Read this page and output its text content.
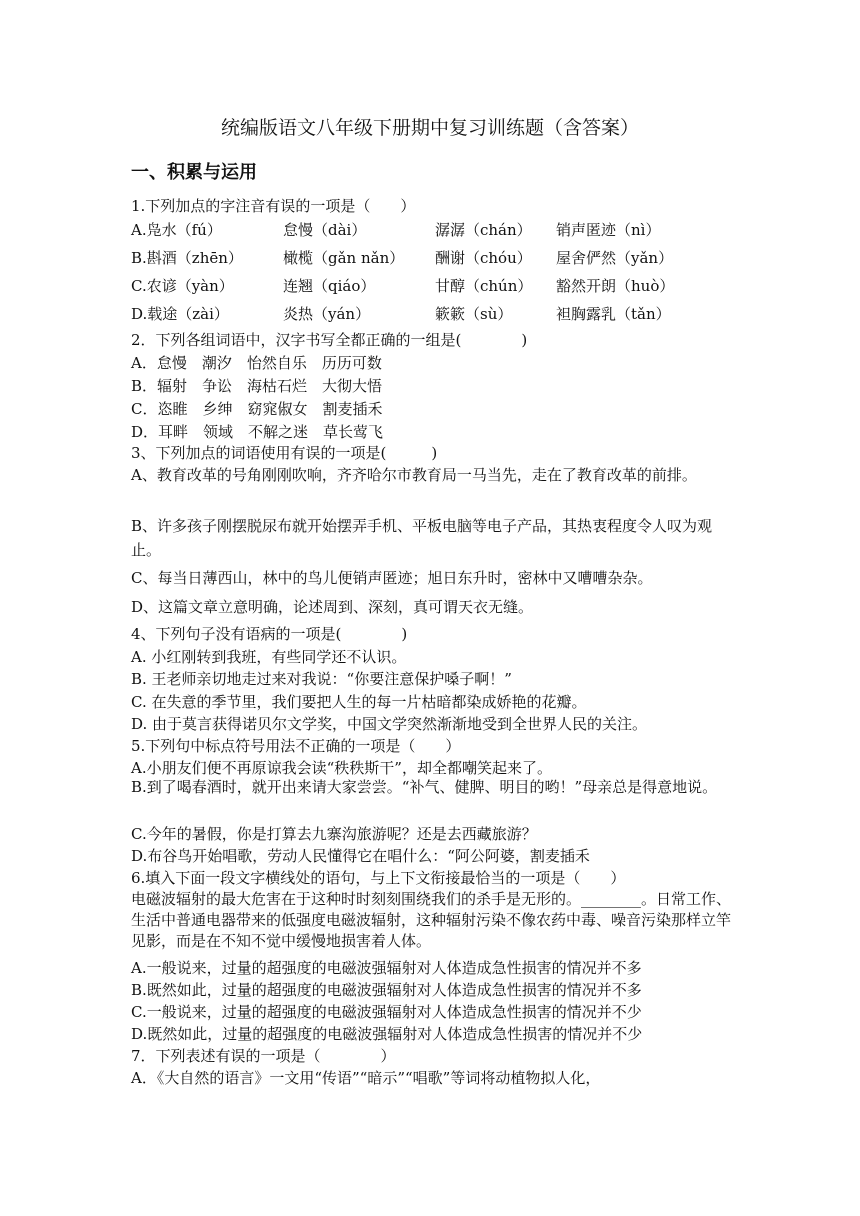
统编版语文八年级下册期中复习训练题（含答案）
一、积累与运用
1.下列加点的字注音有误的一项是（　　）
A.凫水（fú）	怠慢（dài）	潺潺（chán） 销声匿迹（nì）
B.斟酒（zhēn）	橄榄（gǎn nǎn） 酬谢（chóu） 屋舍俨然（yǎn）
C.农谚（yàn）	连翘（qiáo）	甘醇（chún） 豁然开朗（huò）
D.载途（zài）	炎热（yán）	簌簌（sù）	袒胸露乳（tǎn）
2．下列各组词语中，汉字书写全都正确的一组是(　　　　)
A．怠慢　潮汐　怡然自乐　历历可数
B．辐射　争讼　海枯石烂　大彻大悟
C．恣睢　乡绅　窈窕俶女　割麦插禾
D．耳畔　领域　不解之迷　草长莺飞
3、下列加点的词语使用有误的一项是(　　　)
A、教育改革的号角刚刚吹响，齐齐哈尔市教育局一马当先，走在了教育改革的前排。
B、许多孩子刚摆脱尿布就开始摆弄手机、平板电脑等电子产品，其热衷程度令人叹为观止。
C、每当日薄西山，林中的鸟儿便销声匿迹；旭日东升时，密林中又嘈嘈杂杂。
D、这篇文章立意明确，论述周到、深刻，真可谓天衣无缝。
4、下列句子没有语病的一项是(　　　　)
A. 小红刚转到我班，有些同学还不认识。
B. 王老师亲切地走过来对我说：“你要注意保护嗓子啊！”
C. 在失意的季节里，我们要把人生的每一片枯暗都染成娇艳的花瓣。
D. 由于莫言获得诺贝尔文学奖，中国文学突然渐渐地受到全世界人民的关注。
5.下列句中标点符号用法不正确的一项是（　　）
A.小朋友们便不再原谅我会读“秩秩斯干”，却全都嘲笑起来了。
B.到了喝春酒时，就开出来请大家尝尝。“补气、健脾、明目的哟！”母亲总是得意地说。
C.今年的暑假，你是打算去九寨沟旅游呢？还是去西藏旅游？
D.布谷鸟开始唱歌，劳动人民懂得它在唱什么：“阿公阿婆，割麦插禾
6.填入下面一段文字横线处的语句，与上下文衔接最恰当的一项是（　　）
电磁波辐射的最大危害在于这种时时刻刻围绕我们的杀手是无形的。________。日常工作、生活中普通电器带来的低强度电磁波辐射，这种辐射污染不像农药中毒、噪音污染那样立竿见影，而是在不知不觉中缓慢地损害着人体。
A.一般说来，过量的超强度的电磁波强辐射对人体造成急性损害的情况并不多
B.既然如此，过量的超强度的电磁波强辐射对人体造成急性损害的情况并不多
C.一般说来，过量的超强度的电磁波强辐射对人体造成急性损害的情况并不少
D.既然如此，过量的超强度的电磁波强辐射对人体造成急性损害的情况并不少
7．下列表述有误的一项是（　　　　）
A．《大自然的语言》一文用“传语”“暗示”“唱歌”等词将动植物拟人化，
